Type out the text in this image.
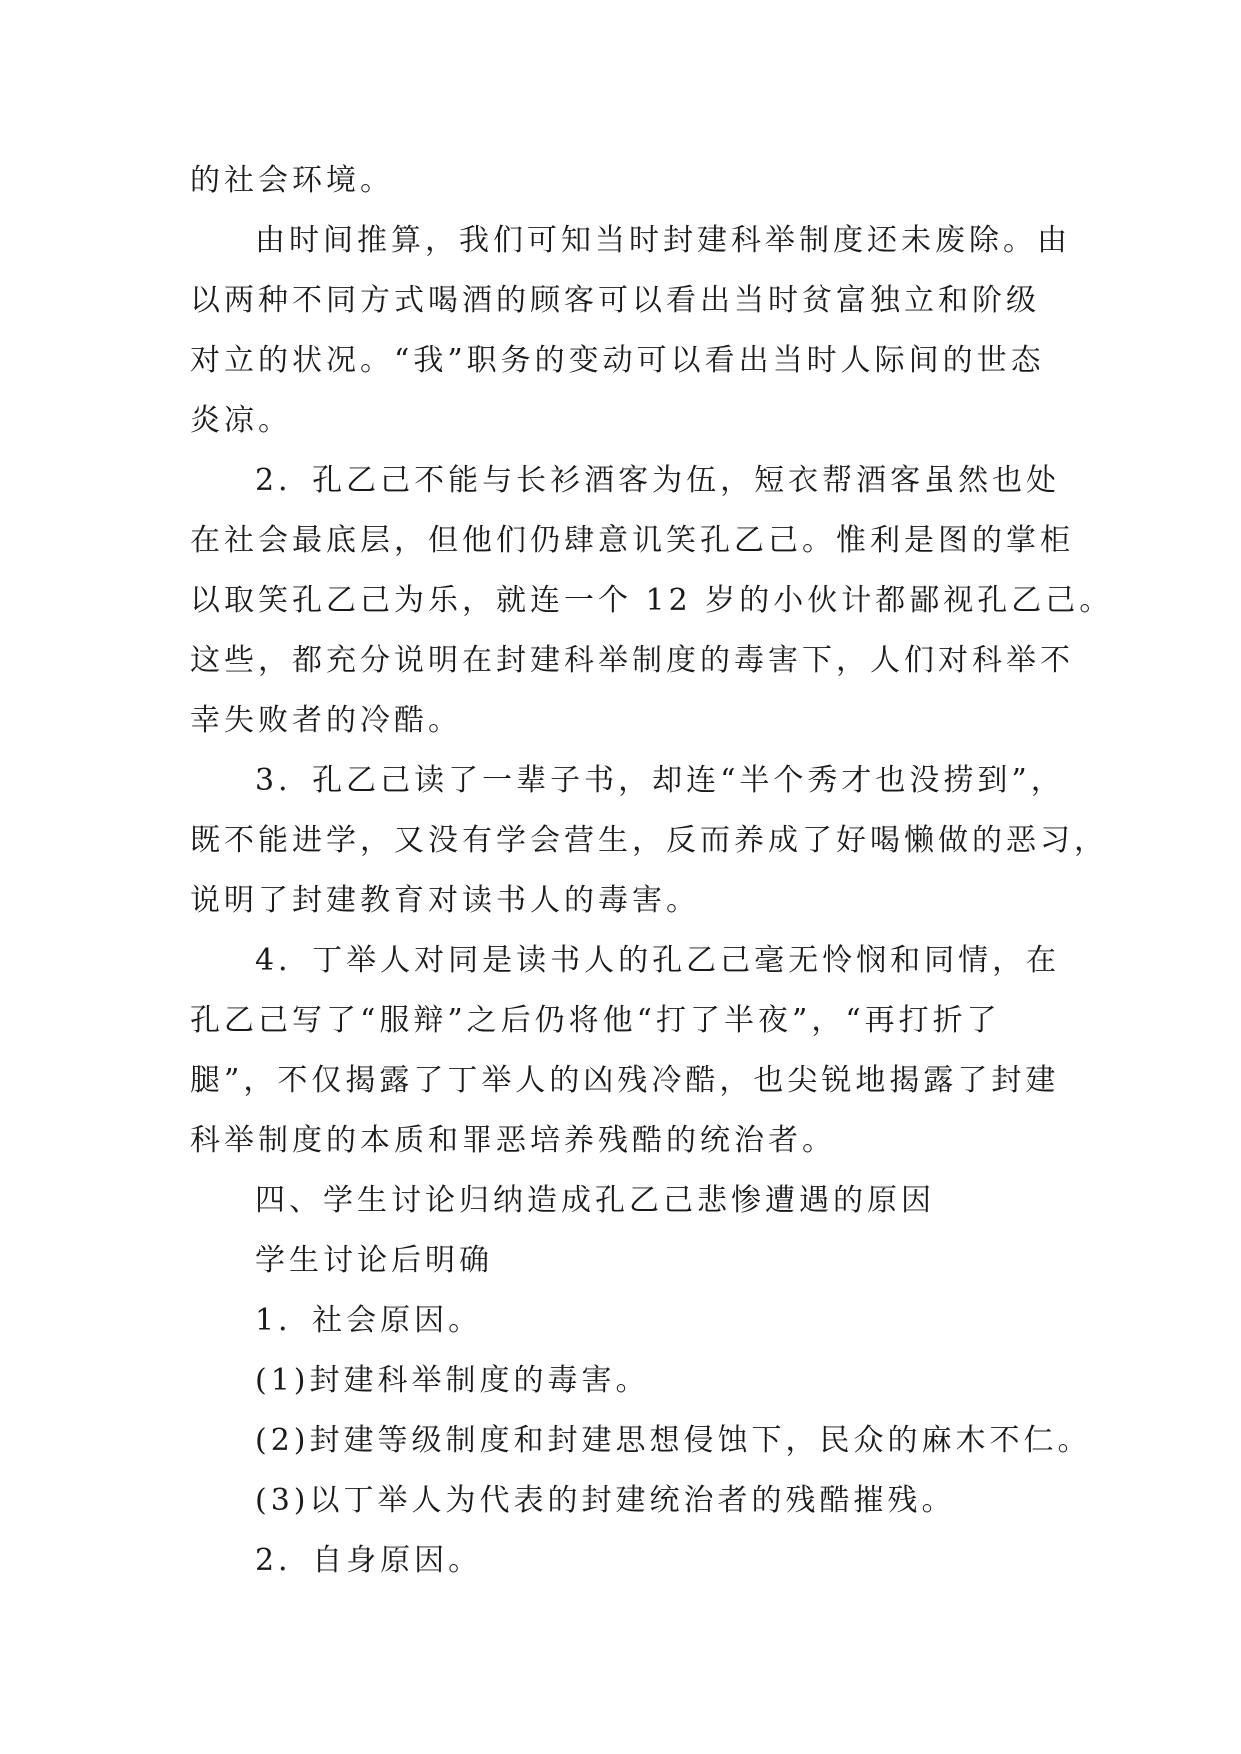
的社会环境。
由时间推算，我们可知当时封建科举制度还未废除。由
以两种不同方式喝酒的顾客可以看出当时贫富独立和阶级
对立的状况。“我”职务的变动可以看出当时人际间的世态
炎凉。
2．孔乙己不能与长衫酒客为伍，短衣帮酒客虽然也处
在社会最底层，但他们仍肆意讥笑孔乙己。惟利是图的掌柜
以取笑孔乙己为乐，就连一个 12 岁的小伙计都鄙视孔乙己。
这些，都充分说明在封建科举制度的毒害下，人们对科举不
幸失败者的冷酷。
3．孔乙己读了一辈子书，却连“半个秀才也没捞到”，
既不能进学，又没有学会营生，反而养成了好喝懒做的恶习，
说明了封建教育对读书人的毒害。
4．丁举人对同是读书人的孔乙己毫无怜悯和同情，在
孔乙己写了“服辩”之后仍将他“打了半夜”，“再打折了
腿”，不仅揭露了丁举人的凶残冷酷，也尖锐地揭露了封建
科举制度的本质和罪恶培养残酷的统治者。
四、学生讨论归纳造成孔乙己悲惨遭遇的原因
学生讨论后明确
1．社会原因。
(1)封建科举制度的毒害。
(2)封建等级制度和封建思想侵蚀下，民众的麻木不仁。
(3)以丁举人为代表的封建统治者的残酷摧残。
2．自身原因。
